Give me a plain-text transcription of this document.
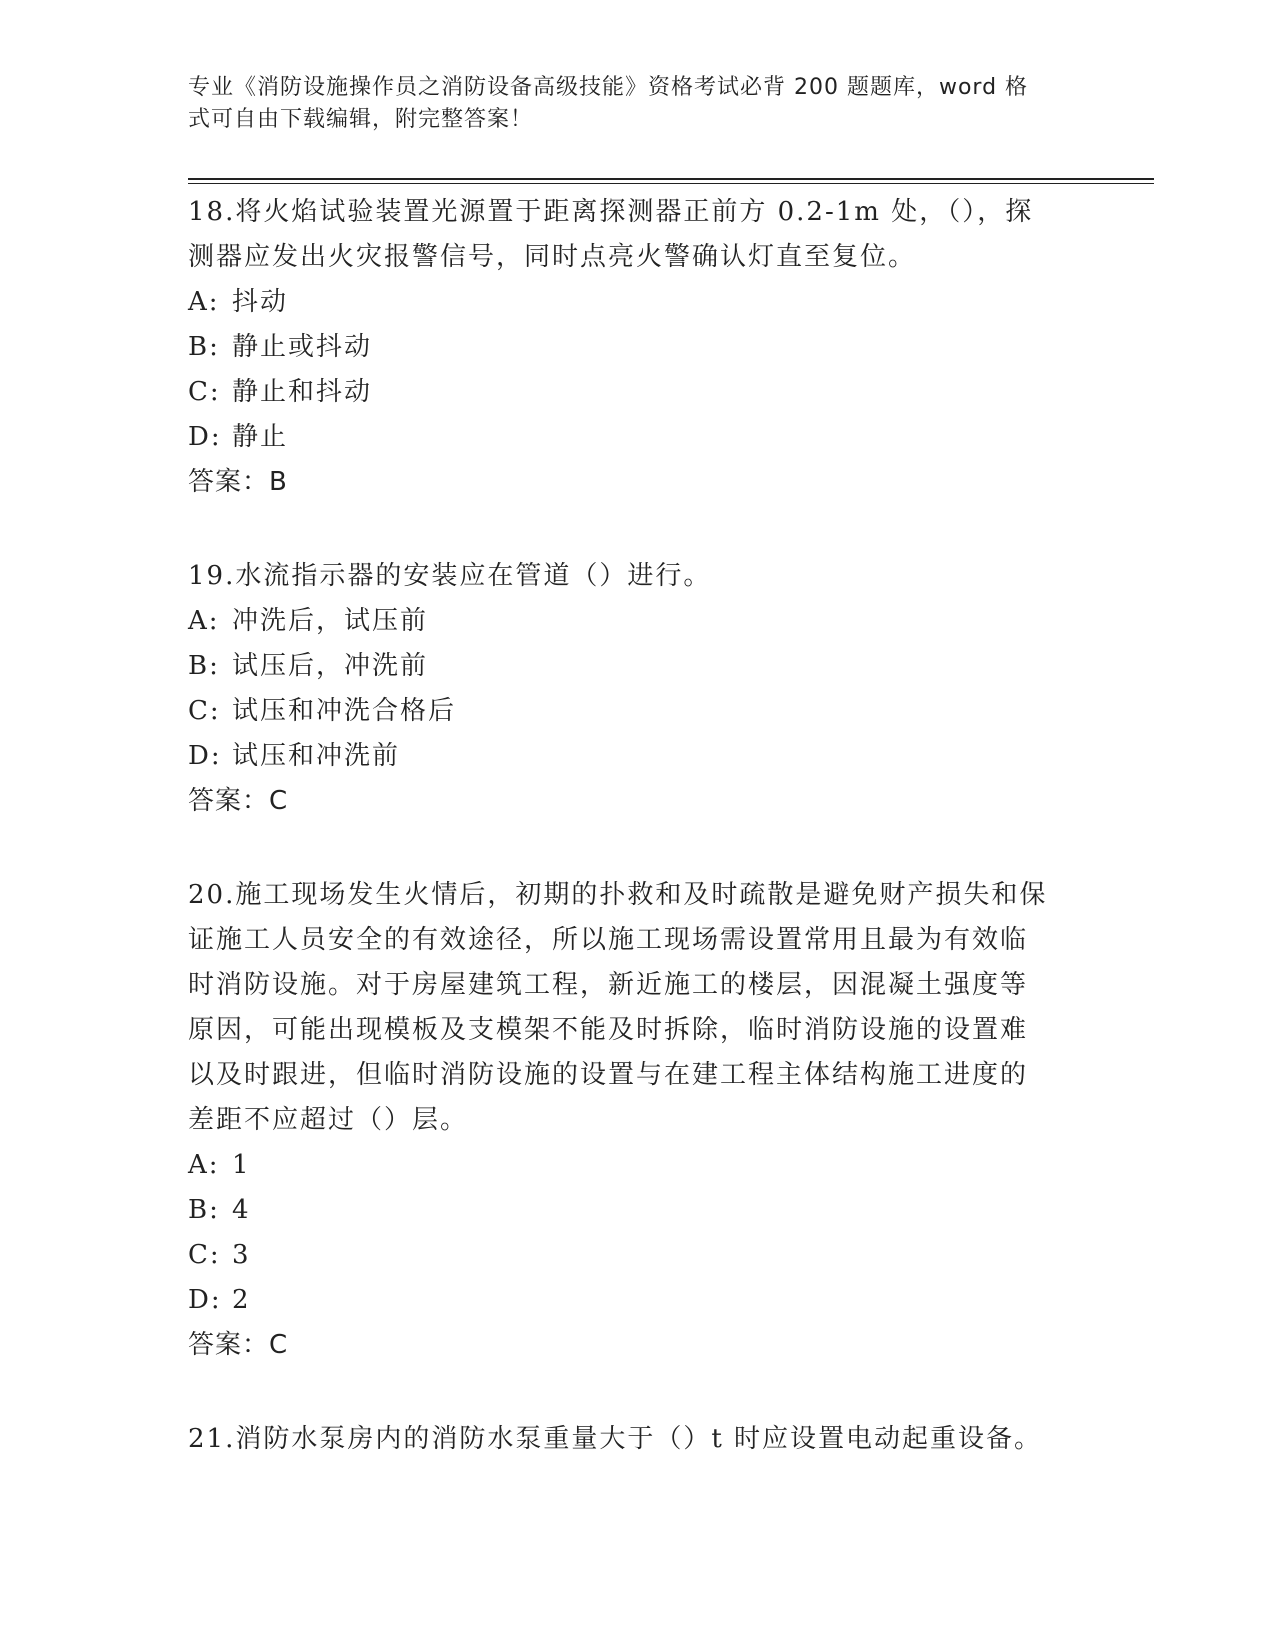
专业《消防设施操作员之消防设备高级技能》资格考试必背 200 题题库，word 格
式可自由下载编辑，附完整答案！
18.将火焰试验装置光源置于距离探测器正前方 0.2-1m 处，（），探
测器应发出火灾报警信号，同时点亮火警确认灯直至复位。
A: 抖动
B: 静止或抖动
C: 静止和抖动
D: 静止
答案：B
19.水流指示器的安装应在管道（）进行。
A: 冲洗后，试压前
B: 试压后，冲洗前
C: 试压和冲洗合格后
D: 试压和冲洗前
答案：C
20.施工现场发生火情后，初期的扑救和及时疏散是避免财产损失和保
证施工人员安全的有效途径，所以施工现场需设置常用且最为有效临
时消防设施。对于房屋建筑工程，新近施工的楼层，因混凝土强度等
原因，可能出现模板及支模架不能及时拆除，临时消防设施的设置难
以及时跟进，但临时消防设施的设置与在建工程主体结构施工进度的
差距不应超过（）层。
A: 1
B: 4
C: 3
D: 2
答案：C
21.消防水泵房内的消防水泵重量大于（）t 时应设置电动起重设备。
